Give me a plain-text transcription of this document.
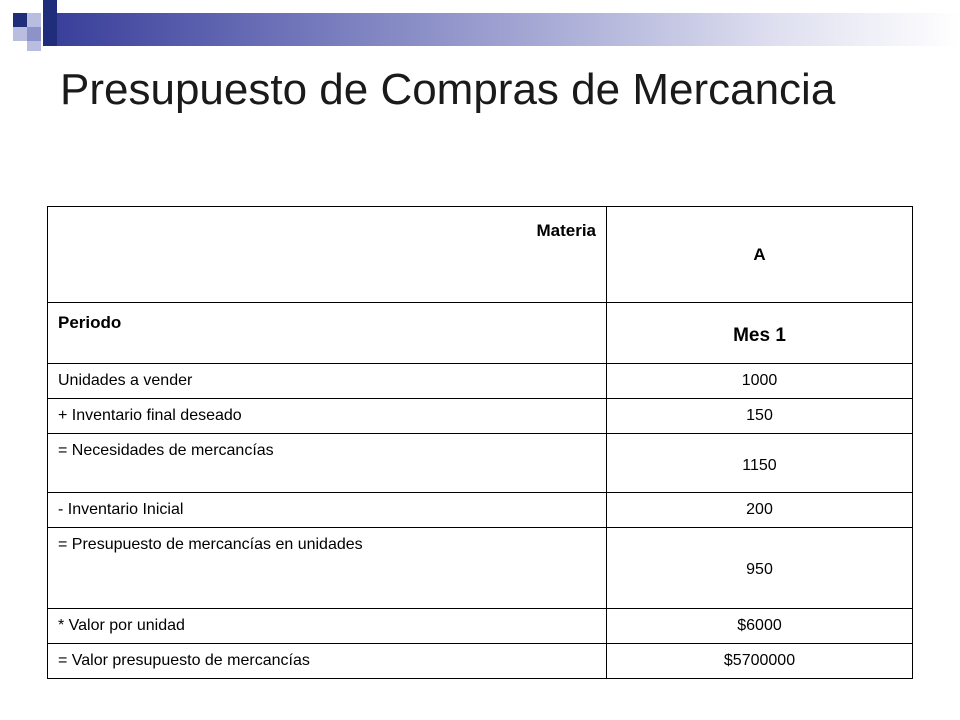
Presupuesto de Compras de Mercancia
Materia	A
Periodo	Mes 1
Unidades a vender	1000
+ Inventario final deseado	150
= Necesidades de mercancías	1150
- Inventario Inicial	200
= Presupuesto de mercancías en unidades	950
* Valor por unidad	$6000
= Valor presupuesto de mercancías	$5700000
